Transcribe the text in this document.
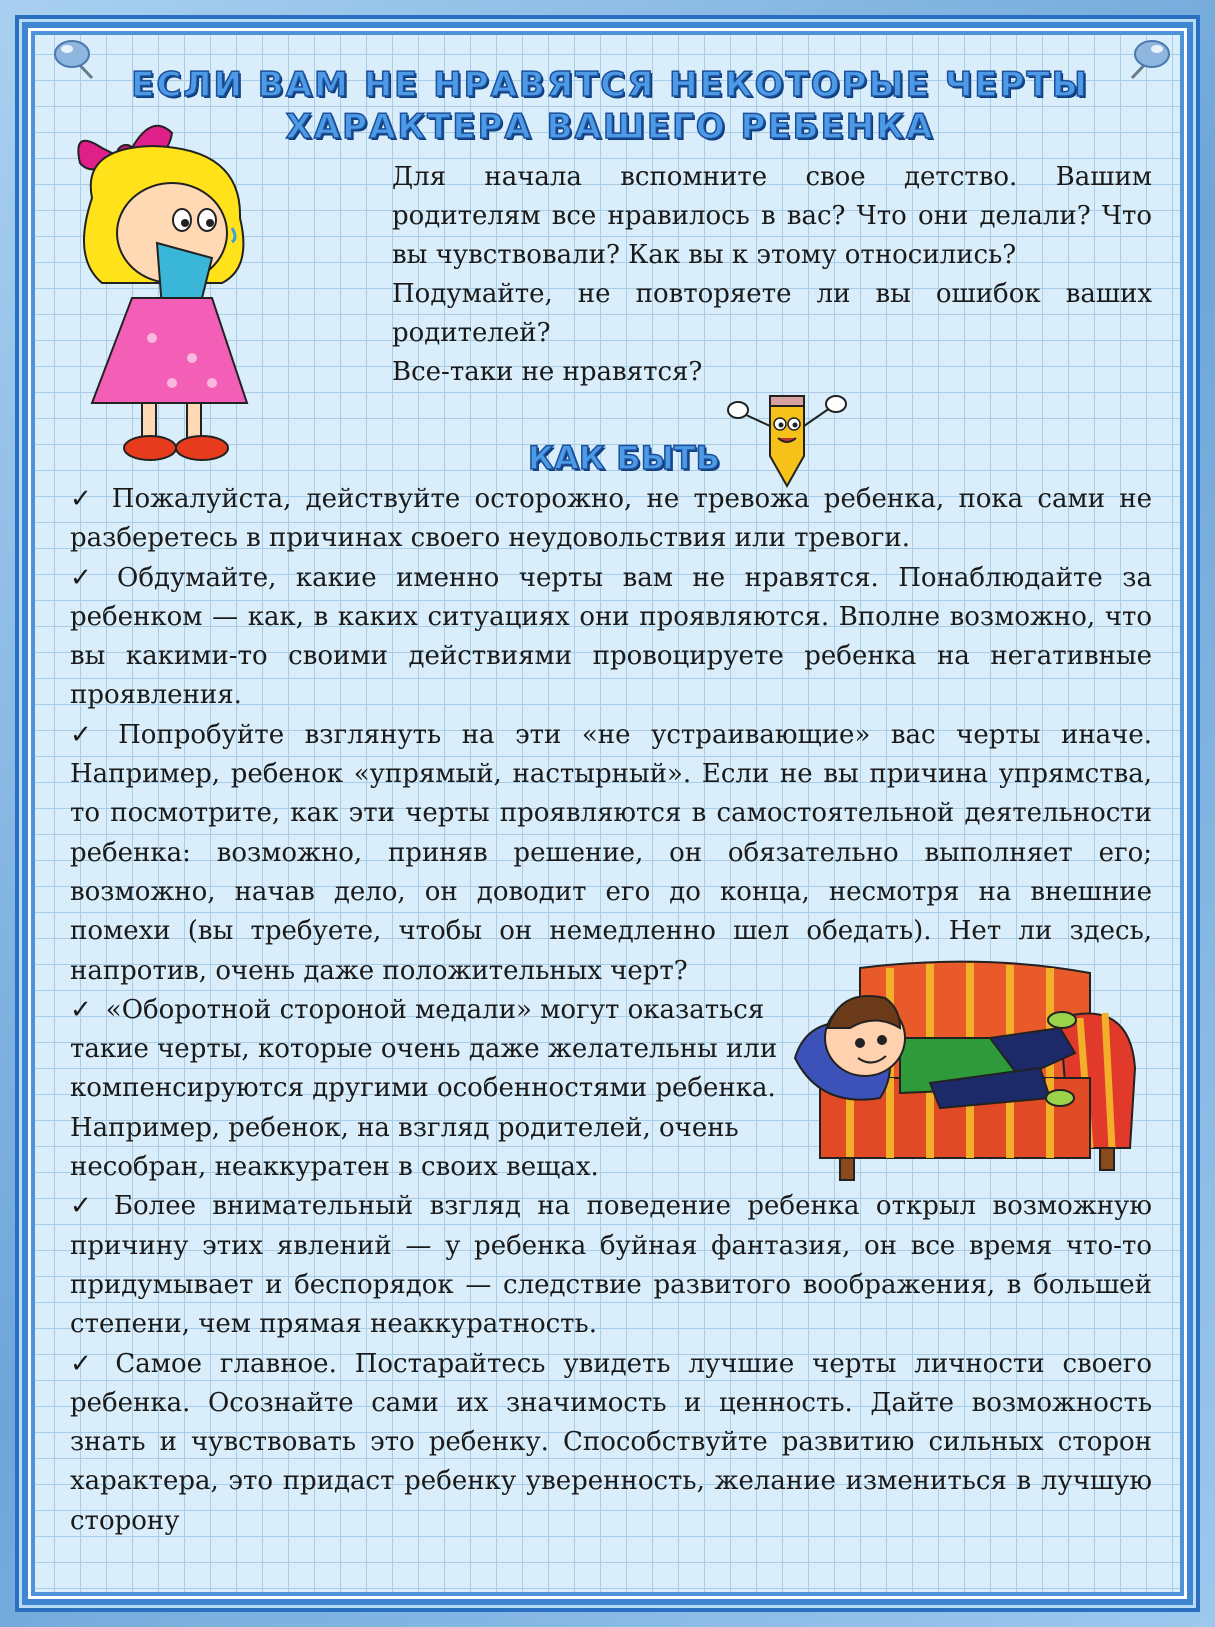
ЕСЛИ ВАМ НЕ НРАВЯТСЯ НЕКОТОРЫЕ ЧЕРТЫ
ХАРАКТЕРА ВАШЕГО РЕБЕНКА

Для начала вспомните свое детство. Вашим родителям все нравилось в вас? Что они делали? Что вы чувствовали? Как вы к этому относились?

Подумайте, не повторяете ли вы ошибок ваших родителей?

Все-таки не нравятся?

КАК БЫТЬ

✓ Пожалуйста, действуйте осторожно, не тревожа ребенка, пока сами не разберетесь в причинах своего неудовольствия или тревоги.

✓ Обдумайте, какие именно черты вам не нравятся. Понаблюдайте за ребенком — как, в каких ситуациях они проявляются. Вполне возможно, что вы какими-то своими действиями провоцируете ребенка на негативные проявления.

✓ Попробуйте взглянуть на эти «не устраивающие» вас черты иначе. Например, ребенок «упрямый, настырный». Если не вы причина упрямства, то посмотрите, как эти черты проявляются в самостоятельной деятельности ребенка: возможно, приняв решение, он обязательно выполняет его; возможно, начав дело, он доводит его до конца, несмотря на внешние помехи (вы требуете, чтобы он немедленно шел обедать). Нет ли здесь, напротив, очень даже положительных черт?

✓ «Оборотной стороной медали» могут оказаться такие черты, которые очень даже желательны или компенсируются другими особенностями ребенка. Например, ребенок, на взгляд родителей, очень несобран, неаккуратен в своих вещах.

✓ Более внимательный взгляд на поведение ребенка открыл возможную причину этих явлений — у ребенка буйная фантазия, он все время что-то придумывает и беспорядок — следствие развитого воображения, в большей степени, чем прямая неаккуратность.

✓ Самое главное. Постарайтесь увидеть лучшие черты личности своего ребенка. Осознайте сами их значимость и ценность. Дайте возможность знать и чувствовать это ребенку. Способствуйте развитию сильных сторон характера, это придаст ребенку уверенность, желание измениться в лучшую сторону
